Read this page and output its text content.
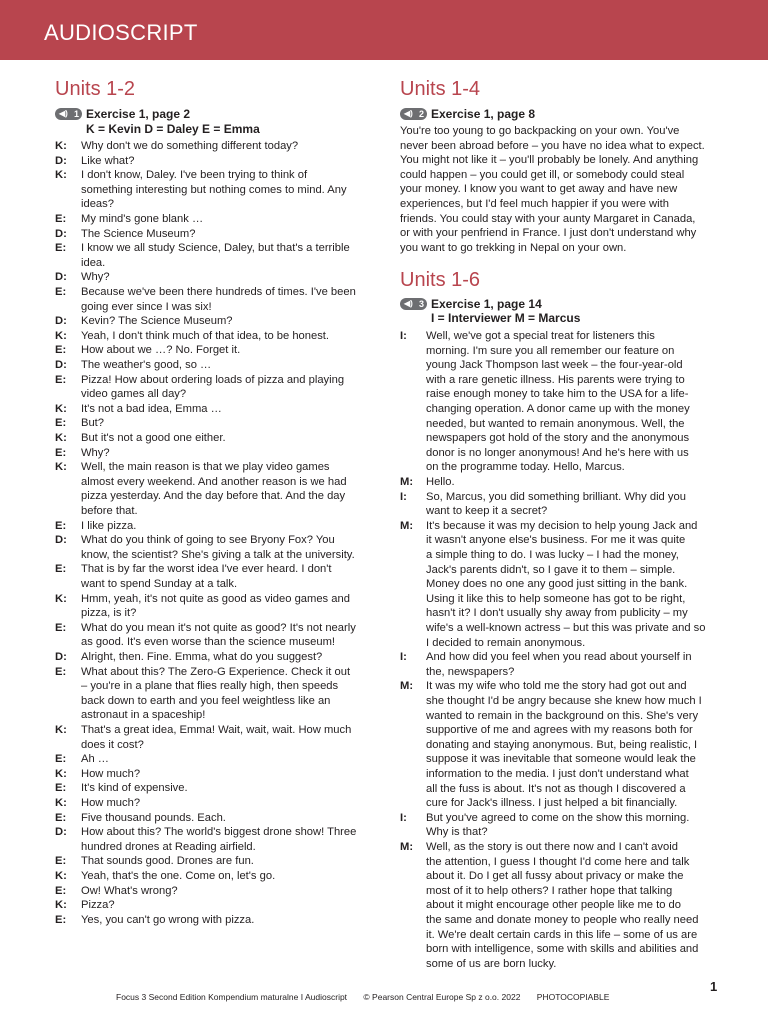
AUDIOSCRIPT
Units 1-2
◀) 1 Exercise 1, page 2
K = Kevin D = Daley E = Emma
K: Why don't we do something different today?
D: Like what?
K: I don't know, Daley. I've been trying to think of
something interesting but nothing comes to mind. Any
ideas?
E: My mind's gone blank …
D: The Science Museum?
E: I know we all study Science, Daley, but that's a terrible
idea.
D: Why?
E: Because we've been there hundreds of times. I've been
going ever since I was six!
D: Kevin? The Science Museum?
K: Yeah, I don't think much of that idea, to be honest.
E: How about we …? No. Forget it.
D: The weather's good, so …
E: Pizza! How about ordering loads of pizza and playing
video games all day?
K: It's not a bad idea, Emma …
E: But?
K: But it's not a good one either.
E: Why?
K: Well, the main reason is that we play video games
almost every weekend. And another reason is we had
pizza yesterday. And the day before that. And the day
before that.
E: I like pizza.
D: What do you think of going to see Bryony Fox? You
know, the scientist? She's giving a talk at the university.
E: That is by far the worst idea I've ever heard. I don't
want to spend Sunday at a talk.
K: Hmm, yeah, it's not quite as good as video games and
pizza, is it?
E: What do you mean it's not quite as good? It's not nearly
as good. It's even worse than the science museum!
D: Alright, then. Fine. Emma, what do you suggest?
E: What about this? The Zero-G Experience. Check it out
– you're in a plane that flies really high, then speeds
back down to earth and you feel weightless like an
astronaut in a spaceship!
K: That's a great idea, Emma! Wait, wait, wait. How much
does it cost?
E: Ah …
K: How much?
E: It's kind of expensive.
K: How much?
E: Five thousand pounds. Each.
D: How about this? The world's biggest drone show! Three
hundred drones at Reading airfield.
E: That sounds good. Drones are fun.
K: Yeah, that's the one. Come on, let's go.
E: Ow! What's wrong?
K: Pizza?
E: Yes, you can't go wrong with pizza.
Units 1-4
◀) 2 Exercise 1, page 8
You're too young to go backpacking on your own. You've
never been abroad before – you have no idea what to expect.
You might not like it – you'll probably be lonely. And anything
could happen – you could get ill, or somebody could steal
your money. I know you want to get away and have new
experiences, but I'd feel much happier if you were with
friends. You could stay with your aunty Margaret in Canada,
or with your penfriend in France. I just don't understand why
you want to go trekking in Nepal on your own.
Units 1-6
◀) 3 Exercise 1, page 14
I = Interviewer M = Marcus
I: Well, we've got a special treat for listeners this
morning. I'm sure you all remember our feature on
young Jack Thompson last week – the four-year-old
with a rare genetic illness. His parents were trying to
raise enough money to take him to the USA for a life-
changing operation. A donor came up with the money
needed, but wanted to remain anonymous. Well, the
newspapers got hold of the story and the anonymous
donor is no longer anonymous! And he's here with us
on the programme today. Hello, Marcus.
M: Hello.
I: So, Marcus, you did something brilliant. Why did you
want to keep it a secret?
M: It's because it was my decision to help young Jack and
it wasn't anyone else's business. For me it was quite
a simple thing to do. I was lucky – I had the money,
Jack's parents didn't, so I gave it to them – simple.
Money does no one any good just sitting in the bank.
Using it like this to help someone has got to be right,
hasn't it? I don't usually shy away from publicity – my
wife's a well-known actress – but this was private and so
I decided to remain anonymous.
I: And how did you feel when you read about yourself in
the, newspapers?
M: It was my wife who told me the story had got out and
she thought I'd be angry because she knew how much I
wanted to remain in the background on this. She's very
supportive of me and agrees with my reasons both for
donating and staying anonymous. But, being realistic, I
suppose it was inevitable that someone would leak the
information to the media. I just don't understand what
all the fuss is about. It's not as though I discovered a
cure for Jack's illness. I just helped a bit financially.
I: But you've agreed to come on the show this morning.
Why is that?
M: Well, as the story is out there now and I can't avoid
the attention, I guess I thought I'd come here and talk
about it. Do I get all fussy about privacy or make the
most of it to help others? I rather hope that talking
about it might encourage other people like me to do
the same and donate money to people who really need
it. We're dealt certain cards in this life – some of us are
born with intelligence, some with skills and abilities and
some of us are born lucky.
Focus 3 Second Edition Kompendium maturalne I Audioscript © Pearson Central Europe Sp z o.o. 2022 PHOTOCOPIABLE
1
